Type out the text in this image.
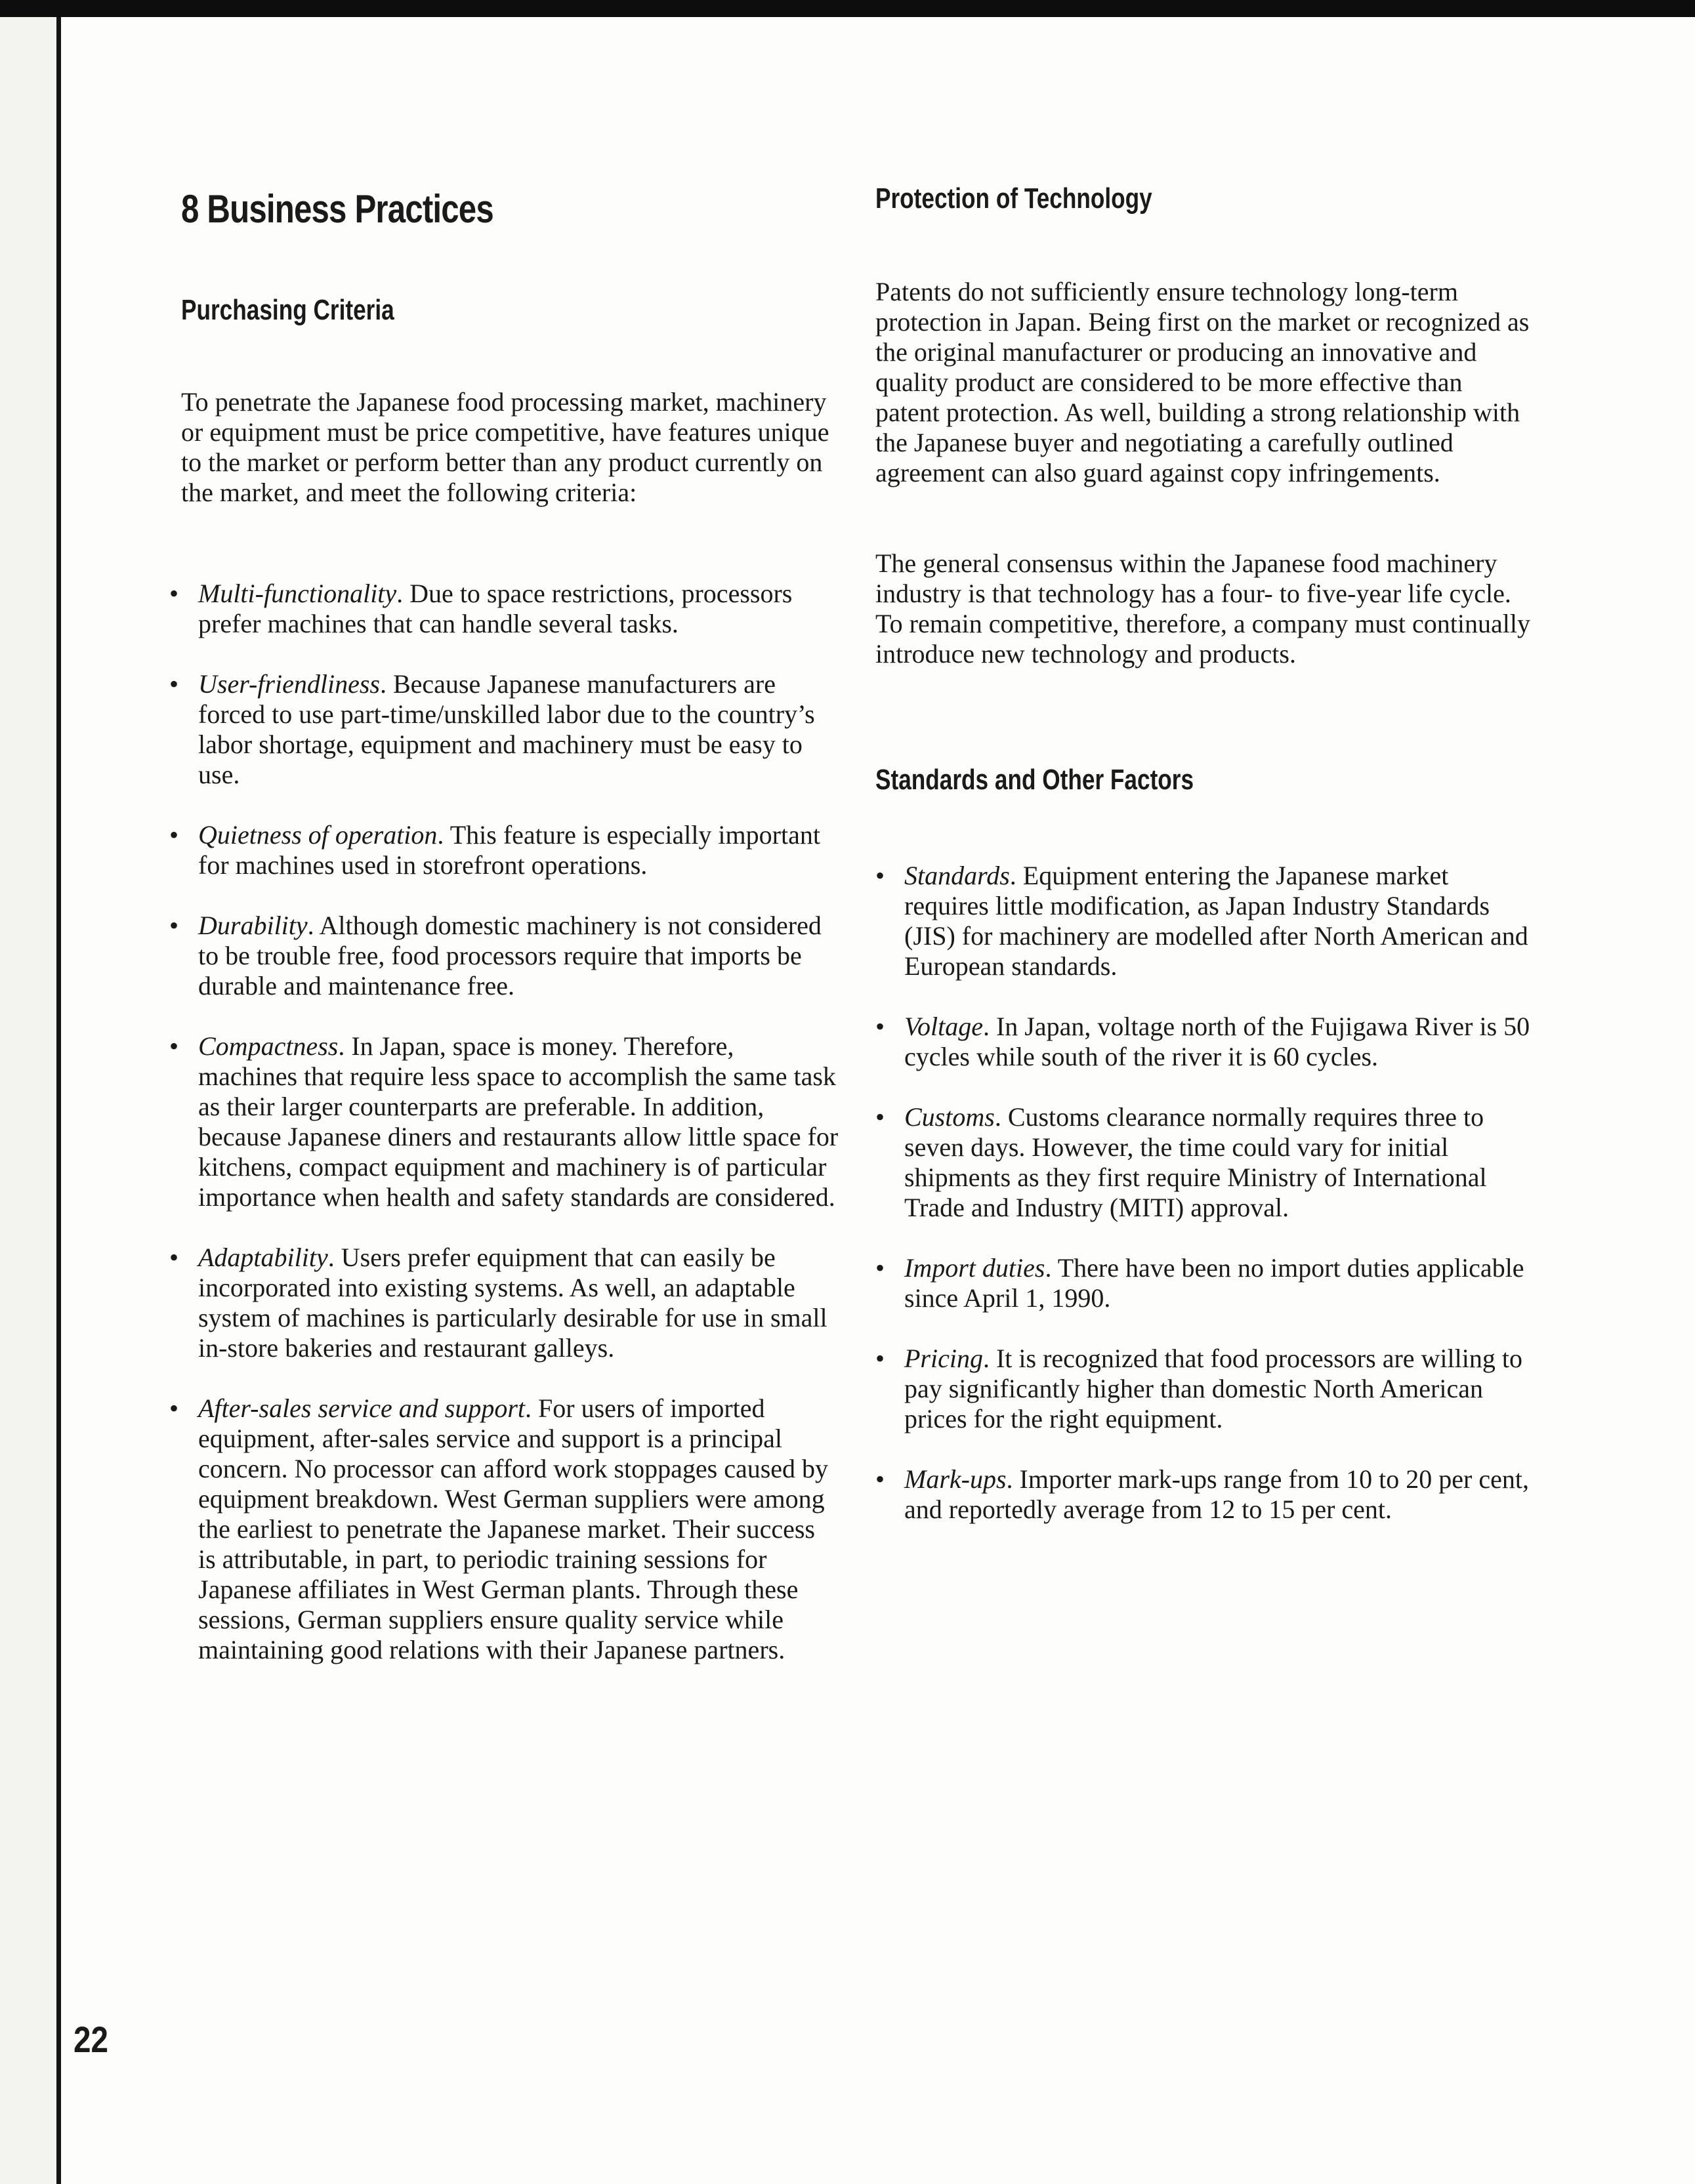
8 Business Practices
Purchasing Criteria

To penetrate the Japanese food processing market, machinery or equipment must be price competitive, have features unique to the market or perform better than any product currently on the market, and meet the following criteria:

• Multi-functionality. Due to space restrictions, processors prefer machines that can handle several tasks.
• User-friendliness. Because Japanese manufacturers are forced to use part-time/unskilled labor due to the country’s labor shortage, equipment and machinery must be easy to use.
• Quietness of operation. This feature is especially important for machines used in storefront operations.
• Durability. Although domestic machinery is not considered to be trouble free, food processors require that imports be durable and maintenance free.
• Compactness. In Japan, space is money. Therefore, machines that require less space to accomplish the same task as their larger counterparts are preferable. In addition, because Japanese diners and restaurants allow little space for kitchens, compact equipment and machinery is of particular importance when health and safety standards are considered.
• Adaptability. Users prefer equipment that can easily be incorporated into existing systems. As well, an adaptable system of machines is particularly desirable for use in small in-store bakeries and restaurant galleys.
• After-sales service and support. For users of imported equipment, after-sales service and support is a principal concern. No processor can afford work stoppages caused by equipment breakdown. West German suppliers were among the earliest to penetrate the Japanese market. Their success is attributable, in part, to periodic training sessions for Japanese affiliates in West German plants. Through these sessions, German suppliers ensure quality service while maintaining good relations with their Japanese partners.
Protection of Technology

Patents do not sufficiently ensure technology long-term protection in Japan. Being first on the market or recognized as the original manufacturer or producing an innovative and quality product are considered to be more effective than patent protection. As well, building a strong relationship with the Japanese buyer and negotiating a carefully outlined agreement can also guard against copy infringements.

The general consensus within the Japanese food machinery industry is that technology has a four- to five-year life cycle. To remain competitive, therefore, a company must continually introduce new technology and products.

Standards and Other Factors
• Standards. Equipment entering the Japanese market requires little modification, as Japan Industry Standards (JIS) for machinery are modelled after North American and European standards.
• Voltage. In Japan, voltage north of the Fujigawa River is 50 cycles while south of the river it is 60 cycles.
• Customs. Customs clearance normally requires three to seven days. However, the time could vary for initial shipments as they first require Ministry of International Trade and Industry (MITI) approval.
• Import duties. There have been no import duties applicable since April 1, 1990.
• Pricing. It is recognized that food processors are willing to pay significantly higher than domestic North American prices for the right equipment.
• Mark-ups. Importer mark-ups range from 10 to 20 per cent, and reportedly average from 12 to 15 per cent.
22
